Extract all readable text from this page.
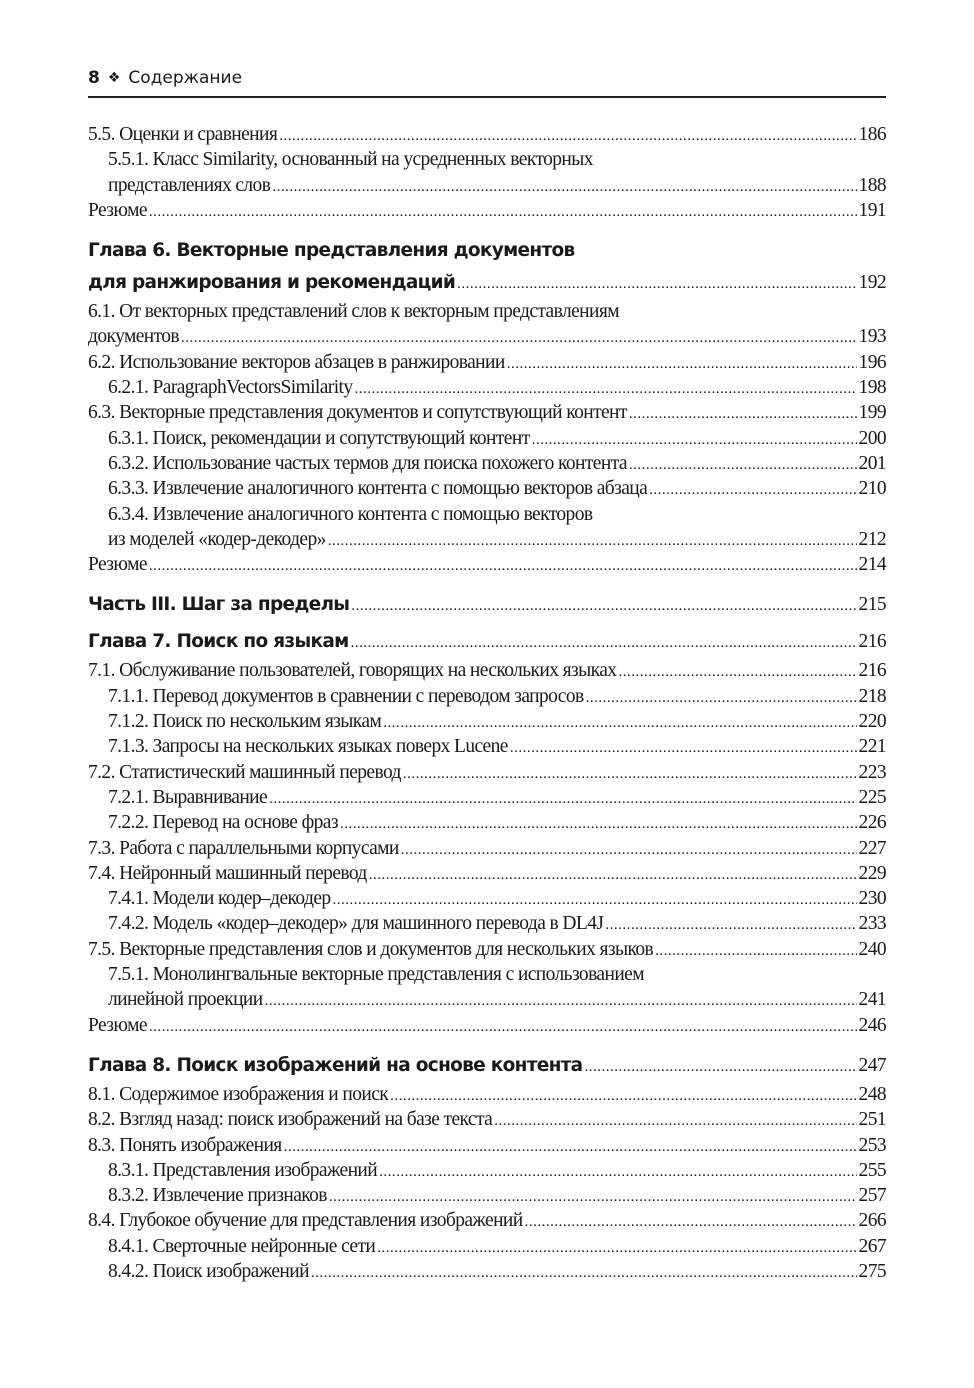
8 ❖ Содержание
5.5. Оценки и сравнения .....	186
5.5.1. Класс Similarity, основанный на усредненных векторных
представлениях слов .....	188
Резюме .....	191
Глава 6. Векторные представления документов
для ранжирования и рекомендаций .....	192
6.1. От векторных представлений слов к векторным представлениям
документов .....	193
6.2. Использование векторов абзацев в ранжировании .....	196
6.2.1. ParagraphVectorsSimilarity .....	198
6.3. Векторные представления документов и сопутствующий контент .....	199
6.3.1. Поиск, рекомендации и сопутствующий контент .....	200
6.3.2. Использование частых термов для поиска похожего контента .....	201
6.3.3. Извлечение аналогичного контента с помощью векторов абзаца .....	210
6.3.4. Извлечение аналогичного контента с помощью векторов
из моделей «кодер-декодер» .....	212
Резюме .....	214
Часть III. Шаг за пределы .....	215
Глава 7. Поиск по языкам .....	216
7.1. Обслуживание пользователей, говорящих на нескольких языках .....	216
7.1.1. Перевод документов в сравнении с переводом запросов .....	218
7.1.2. Поиск по нескольким языкам .....	220
7.1.3. Запросы на нескольких языках поверх Lucene .....	221
7.2. Статистический машинный перевод .....	223
7.2.1. Выравнивание .....	225
7.2.2. Перевод на основе фраз .....	226
7.3. Работа с параллельными корпусами .....	227
7.4. Нейронный машинный перевод .....	229
7.4.1. Модели кодер–декодер .....	230
7.4.2. Модель «кодер–декодер» для машинного перевода в DL4J .....	233
7.5. Векторные представления слов и документов для нескольких языков .....	240
7.5.1. Монолингвальные векторные представления с использованием
линейной проекции .....	241
Резюме .....	246
Глава 8. Поиск изображений на основе контента .....	247
8.1. Содержимое изображения и поиск .....	248
8.2. Взгляд назад: поиск изображений на базе текста .....	251
8.3. Понять изображения .....	253
8.3.1. Представления изображений .....	255
8.3.2. Извлечение признаков .....	257
8.4. Глубокое обучение для представления изображений .....	266
8.4.1. Сверточные нейронные сети .....	267
8.4.2. Поиск изображений .....	275
